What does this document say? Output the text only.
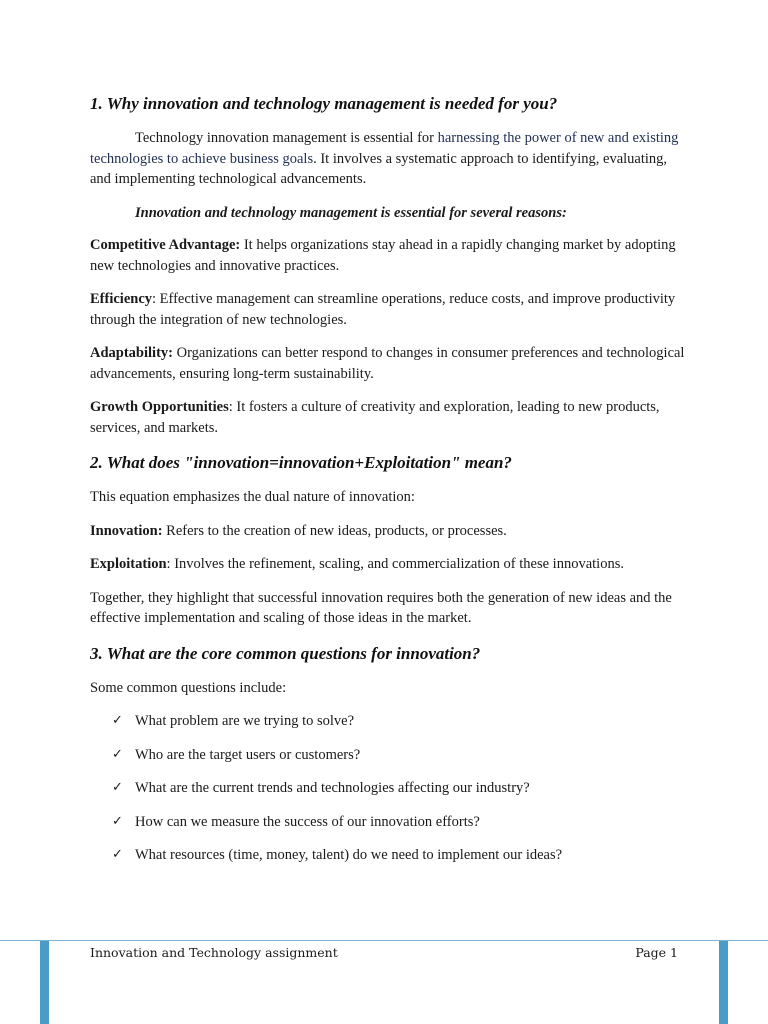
1. Why innovation and technology management is needed for you?

Technology innovation management is essential for harnessing the power of new and existing technologies to achieve business goals. It involves a systematic approach to identifying, evaluating, and implementing technological advancements.

Innovation and technology management is essential for several reasons:

Competitive Advantage: It helps organizations stay ahead in a rapidly changing market by adopting new technologies and innovative practices.

Efficiency: Effective management can streamline operations, reduce costs, and improve productivity through the integration of new technologies.

Adaptability: Organizations can better respond to changes in consumer preferences and technological advancements, ensuring long-term sustainability.

Growth Opportunities: It fosters a culture of creativity and exploration, leading to new products, services, and markets.

2. What does "innovation=innovation+Exploitation" mean?

This equation emphasizes the dual nature of innovation:

Innovation: Refers to the creation of new ideas, products, or processes.

Exploitation: Involves the refinement, scaling, and commercialization of these innovations.

Together, they highlight that successful innovation requires both the generation of new ideas and the effective implementation and scaling of those ideas in the market.

3. What are the core common questions for innovation?

Some common questions include:

✓ What problem are we trying to solve?
✓ Who are the target users or customers?
✓ What are the current trends and technologies affecting our industry?
✓ How can we measure the success of our innovation efforts?
✓ What resources (time, money, talent) do we need to implement our ideas?
Innovation and Technology assignment	Page 1
